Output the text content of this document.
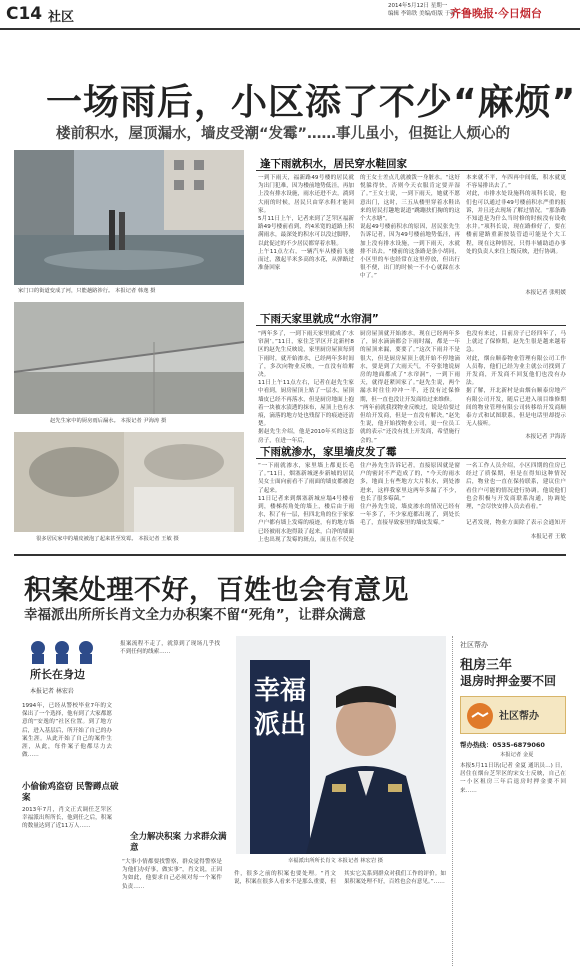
C14 社区
2014年5月12日 星期一
编辑 李锦铁 美编/组版 于蕾
齐鲁晚报·今日烟台
一场雨后，小区添了不少“麻烦”
楼前积水，屋顶漏水，墙皮受潮“发霉”……事儿虽小，但挺让人烦心的
家门口的街道变成了河，只能趟路涉行。 本报记者 韩逸 摄
逢下雨就积水，居民穿水鞋回家
一到下雨天，福新路49号楼的居民就为出门犯难，因为楼前地势低洼，再加上没有排水设施，雨水还进不去，淌到大雨的时候，居民只由穿水鞋才能回家。
5月11日上午，记者来到了芝罘区福新路49号楼前看到，约4米宽的道路上积满雨水，最深处的积水可以没过脚脖，以此促过的不少居民都穿着水鞋。
上午11点左右，一辆汽车从楼前飞驰而过，激起半米多高的水花，从弹路过准备回家
的王女士差点儿就被泼一身脏水。“这好悦躲得快，否则今天衣服肯定要弄湿了。”王女士说，一到下雨天，她就不愿意出门，这时，三五从楼里穿着水鞋出来的居民打趣地说道“跳蹦扶们掬的的这个大水塘”。
说起49号楼前积水的原因，居民张先生告诉记者，因为49号楼前地势低洼，再加上没有排水设施，一到下雨天，水就排不出去。“楼前的这条路是条小胡同，小区里的车也经常在这里停放，但出行很不便，出门的时候一不小心就踩在水中了。”
本来就不平，车四再中间低，积水就更不容易排出去了。”
对此，市排水处设施科的项科长说，他们也可以通过非49号楼前积水严重的报诉，并且还去现场了解过情况。“那条路不知道是为什么当时修的时候没有设收水井。”项科长说，现在路修好了，要在楼前建路重新按装管道可能是个大工程，现在这种情况，只得丰辅助道办事处的负责人来往上级反映，进行协调。
本报记者 张明媛
赵先生家中的厨房雨后漏水。 本报记者 尹海涛 摄
下雨天家里就成“水帘洞”
“两年多了，一到下雨天家里就成了‘水帘洞’。”11日，家住芝罘区开北新村8区的赵先生反映说，家里厨房屋顶每到下雨时，就开始渗水，已经两年多时间了，多次向物业反映，一直没有给解决。
11日上午11点左右，记者在赵先生家中看到，厨房屋顶上贴了一层水，屋顶墙皮已经不再落水，但是厨房地面上抱着一块被水渍透的抹布，屋顶上也有水痕，滴落的地方处也残留下的痕迹还清楚。
据赵先生介绍，他是2010年买的这套房子，在进一年后，
厨房屋顶就开始渗水，现在已经两年多了，厨水滴滴都会下雨时漏，都是一年的屋顶来漏，要要了。”这次下雨并不是很大，但是厨房屋顶上就开始不停地滴水，要是到了大雨天气，不夸张地说厨房的地面都成了“水帘洞”，一到下雨天，就得赶紧回家了。”赵先生说，两个漏水时往往冲冲一半，还没有过保修期，但一直也没让开发商给过来维修。
“两年前就我找物业反映过，说是给要过但给开发商，但是一直没有解决。”赵先生说，他开始找物业公司，更一位员工就的表示“还没有找上开发商，希望施行会的。”
也没有来过，目前房子已经四年了，马上就过了保修期，赵先生很是越来越着急。
对此，烟台顺泰物业管理有限公司工作人员称，他们已经为业主就公司找到了开发商，开发商不回复他们也没有办法。
据了解，开北新村是由烟台顺泰房地产有限公司开发，随后已进入项目维修期间的物业管理有限公司转移给开发商顺泰方式和试图联系，但是电话里却提示无人接听。
本报记者 尹海涛
很多居民家中的墙皮被泡了起来甚至发霉。 本报记者 王敏 摄
下雨就渗水，家里墙皮发了霉
“一下雨就渗水，家里墙上都更长毛了。”11日，烟塞新城逐步新城的居民吴女士面向前看不了雨面的墙皮都被泡了起来。
11日记者来到烟塞新城应塌4号楼看到，楼梯拐角处的墙上，楼后由于雨水，积了有一层，但四北角的位于家家户户都有墙上发霉的痕迹，有的地方墙已经被雨水泡得鼓了起来，白净的墙面上也出现了发霉的斑点，而且在不仅是
住户孙先生告诉记者，直接原因就是窗户的密封不严造成了的，“今天的雨水多，地面上有些地方大片积水，到处渗进来，这样我家里这两年多漏了不少，也长了很多霉菌。”
住户孙先生说，墙皮渗水的情况已经有一年多了，不少家庭都出现了，到处长毛了，直接导致家里的墙皮发霉。”
一名工作人员介绍，小区四期的住房已经过了质保期，但是在得知这种情况后，物业也一直在保持联系，建议住户看住户可能的情况进行协调。他说他们也会积极与开发商联系沟通，协调处理，“会尽快安排人员去看看。”

记者发现，物业方面除了表示会通知开
本报记者 王敏
积案处理不好，百姓也会有意见
幸福派出所所长肖文全力办积案不留“死角”，让群众满意
所长在身边
本报记者 林宏岩
1994年，已经从警校毕业7年的文保出了一个选择，他有到了大家都愿意的“安逸的”社区位置。到了地方后，进入基层后，所开始了自己的办案生涯。从此开始了自己的案件生涯，从此，每件案子他都尽力去做……
小偷偷鸡盗窃 民警蹲点破案
2013年7月，肖文正式调任芝罘区幸福派出所所长，他到任之后，积案的数量达到了近11万人……
报案流程不走了，就算到了现场几乎找不到任何的线索……
全力解决积案 力求群众满意
“大事小情都要找警察，群众觉得警察是为他们办好事，做实事”，肖文说，正因为如此，他要求自己必须对每一个案件负责……
幸福派出
幸福派出所所长肖文 本报记者 林宏岩 摄
件，很多之前的积案也要处理。“肖文说，积案在很多人看来不是那么重要，但其实它关系到群众对我们工作的评价。如果积案处理不好，百姓也会有意见。”……
社区帮办
租房三年
退房时押金要不回
社区帮办
帮办热线：0535-6879060
本报记者 金夏
本报5月11日讯(记者 金夏 通讯员…) 日，居住在烟台芝罘区的宋女士反映，自己在一小区租房三年后退房时押金要不回来……
